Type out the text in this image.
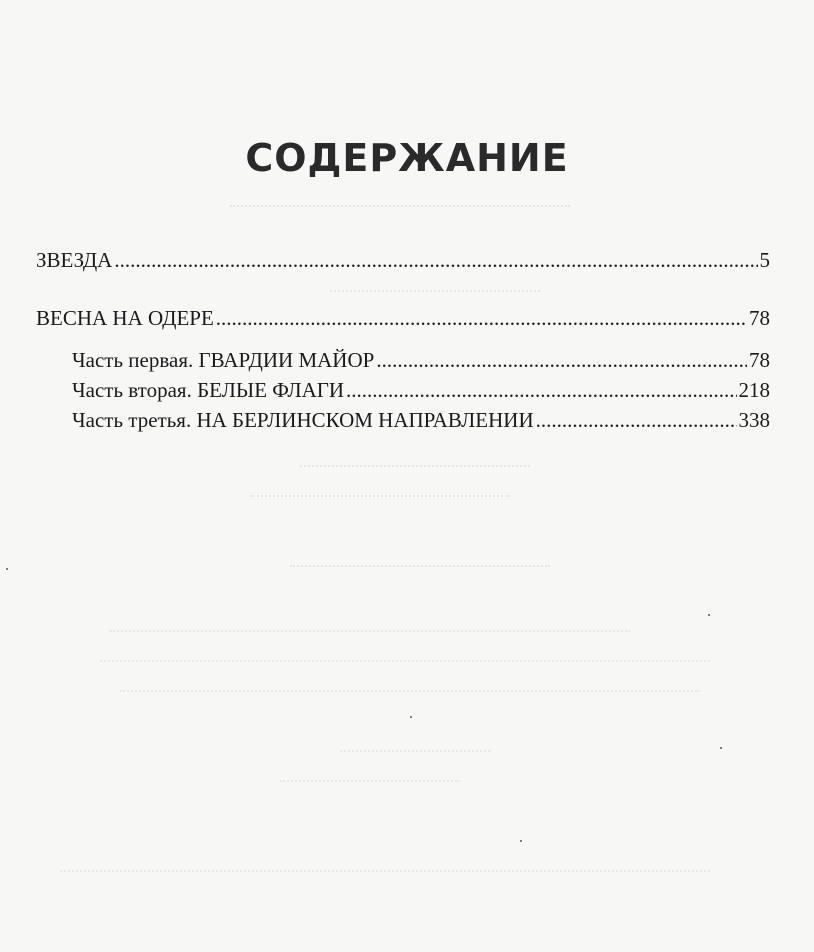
СОДЕРЖАНИЕ
ЗВЕЗДА .....	5
ВЕСНА НА ОДЕРЕ .....	78
Часть первая. ГВАРДИИ МАЙОР .....	78
Часть вторая. БЕЛЫЕ ФЛАГИ .....	218
Часть третья. НА БЕРЛИНСКОМ НАПРАВЛЕНИИ .....	338
